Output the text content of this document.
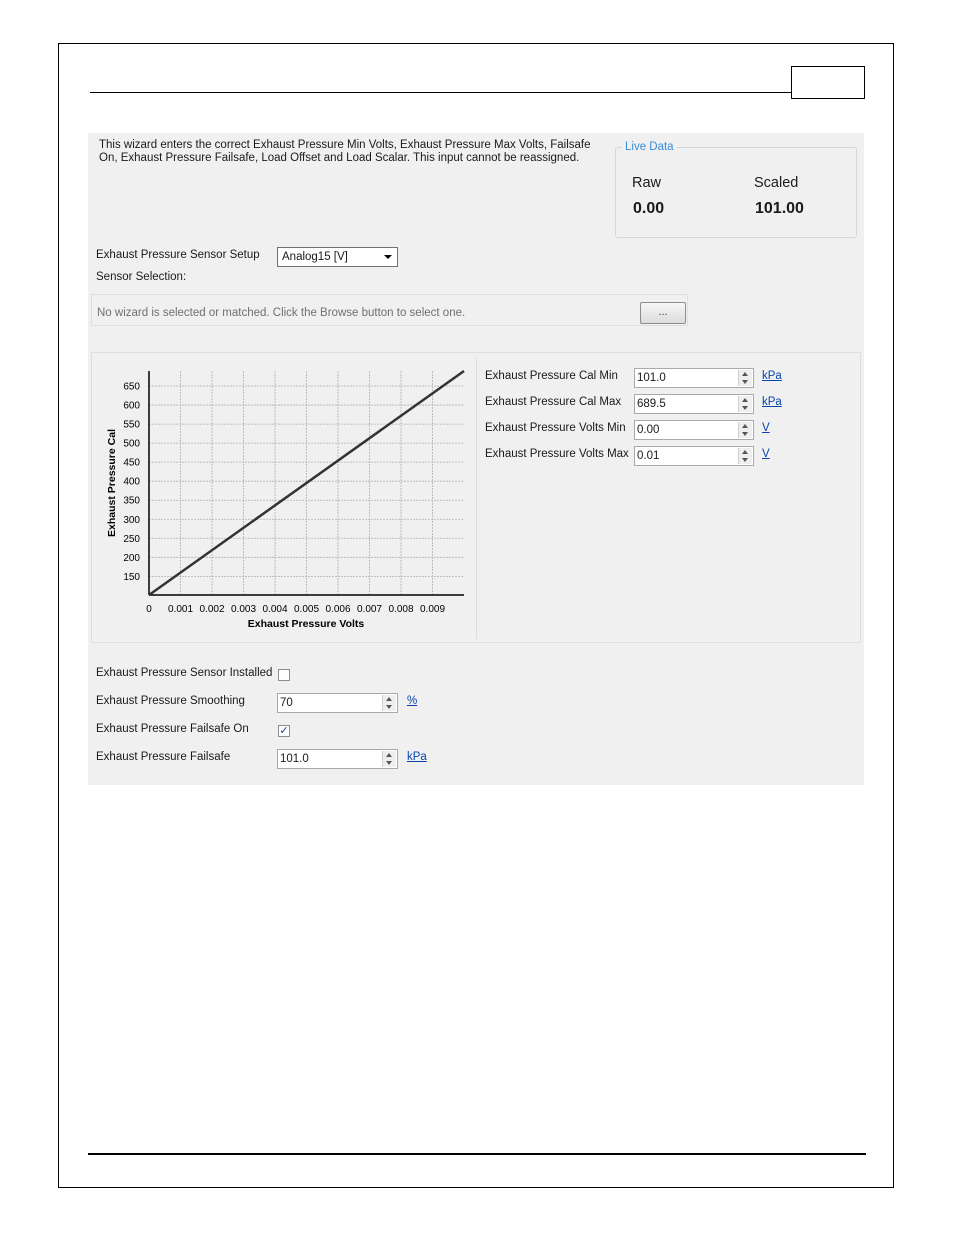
This wizard enters the correct Exhaust Pressure Min Volts, Exhaust Pressure Max Volts, Failsafe On, Exhaust Pressure Failsafe, Load Offset and Load Scalar. This input cannot be reassigned.
Live Data
Raw
0.00
Scaled
101.00
Exhaust Pressure Sensor Setup Analog15 [V]
Sensor Selection:
No wizard is selected or matched. Click the Browse button to select one.	...
150
200
250
300
350
400
450
500
550
600
650
0 0.001 0.002 0.003 0.004 0.005 0.006 0.007 0.008 0.009
Exhaust Pressure Volts
Exhaust Pressure Cal
Exhaust Pressure Cal Min 101.0	kPa
Exhaust Pressure Cal Max 689.5	kPa
Exhaust Pressure Volts Min 0.00	V
Exhaust Pressure Volts Max 0.01	V
Exhaust Pressure Sensor Installed
Exhaust Pressure Smoothing	70	%
Exhaust Pressure Failsafe On	✓
Exhaust Pressure Failsafe	101.0	kPa
